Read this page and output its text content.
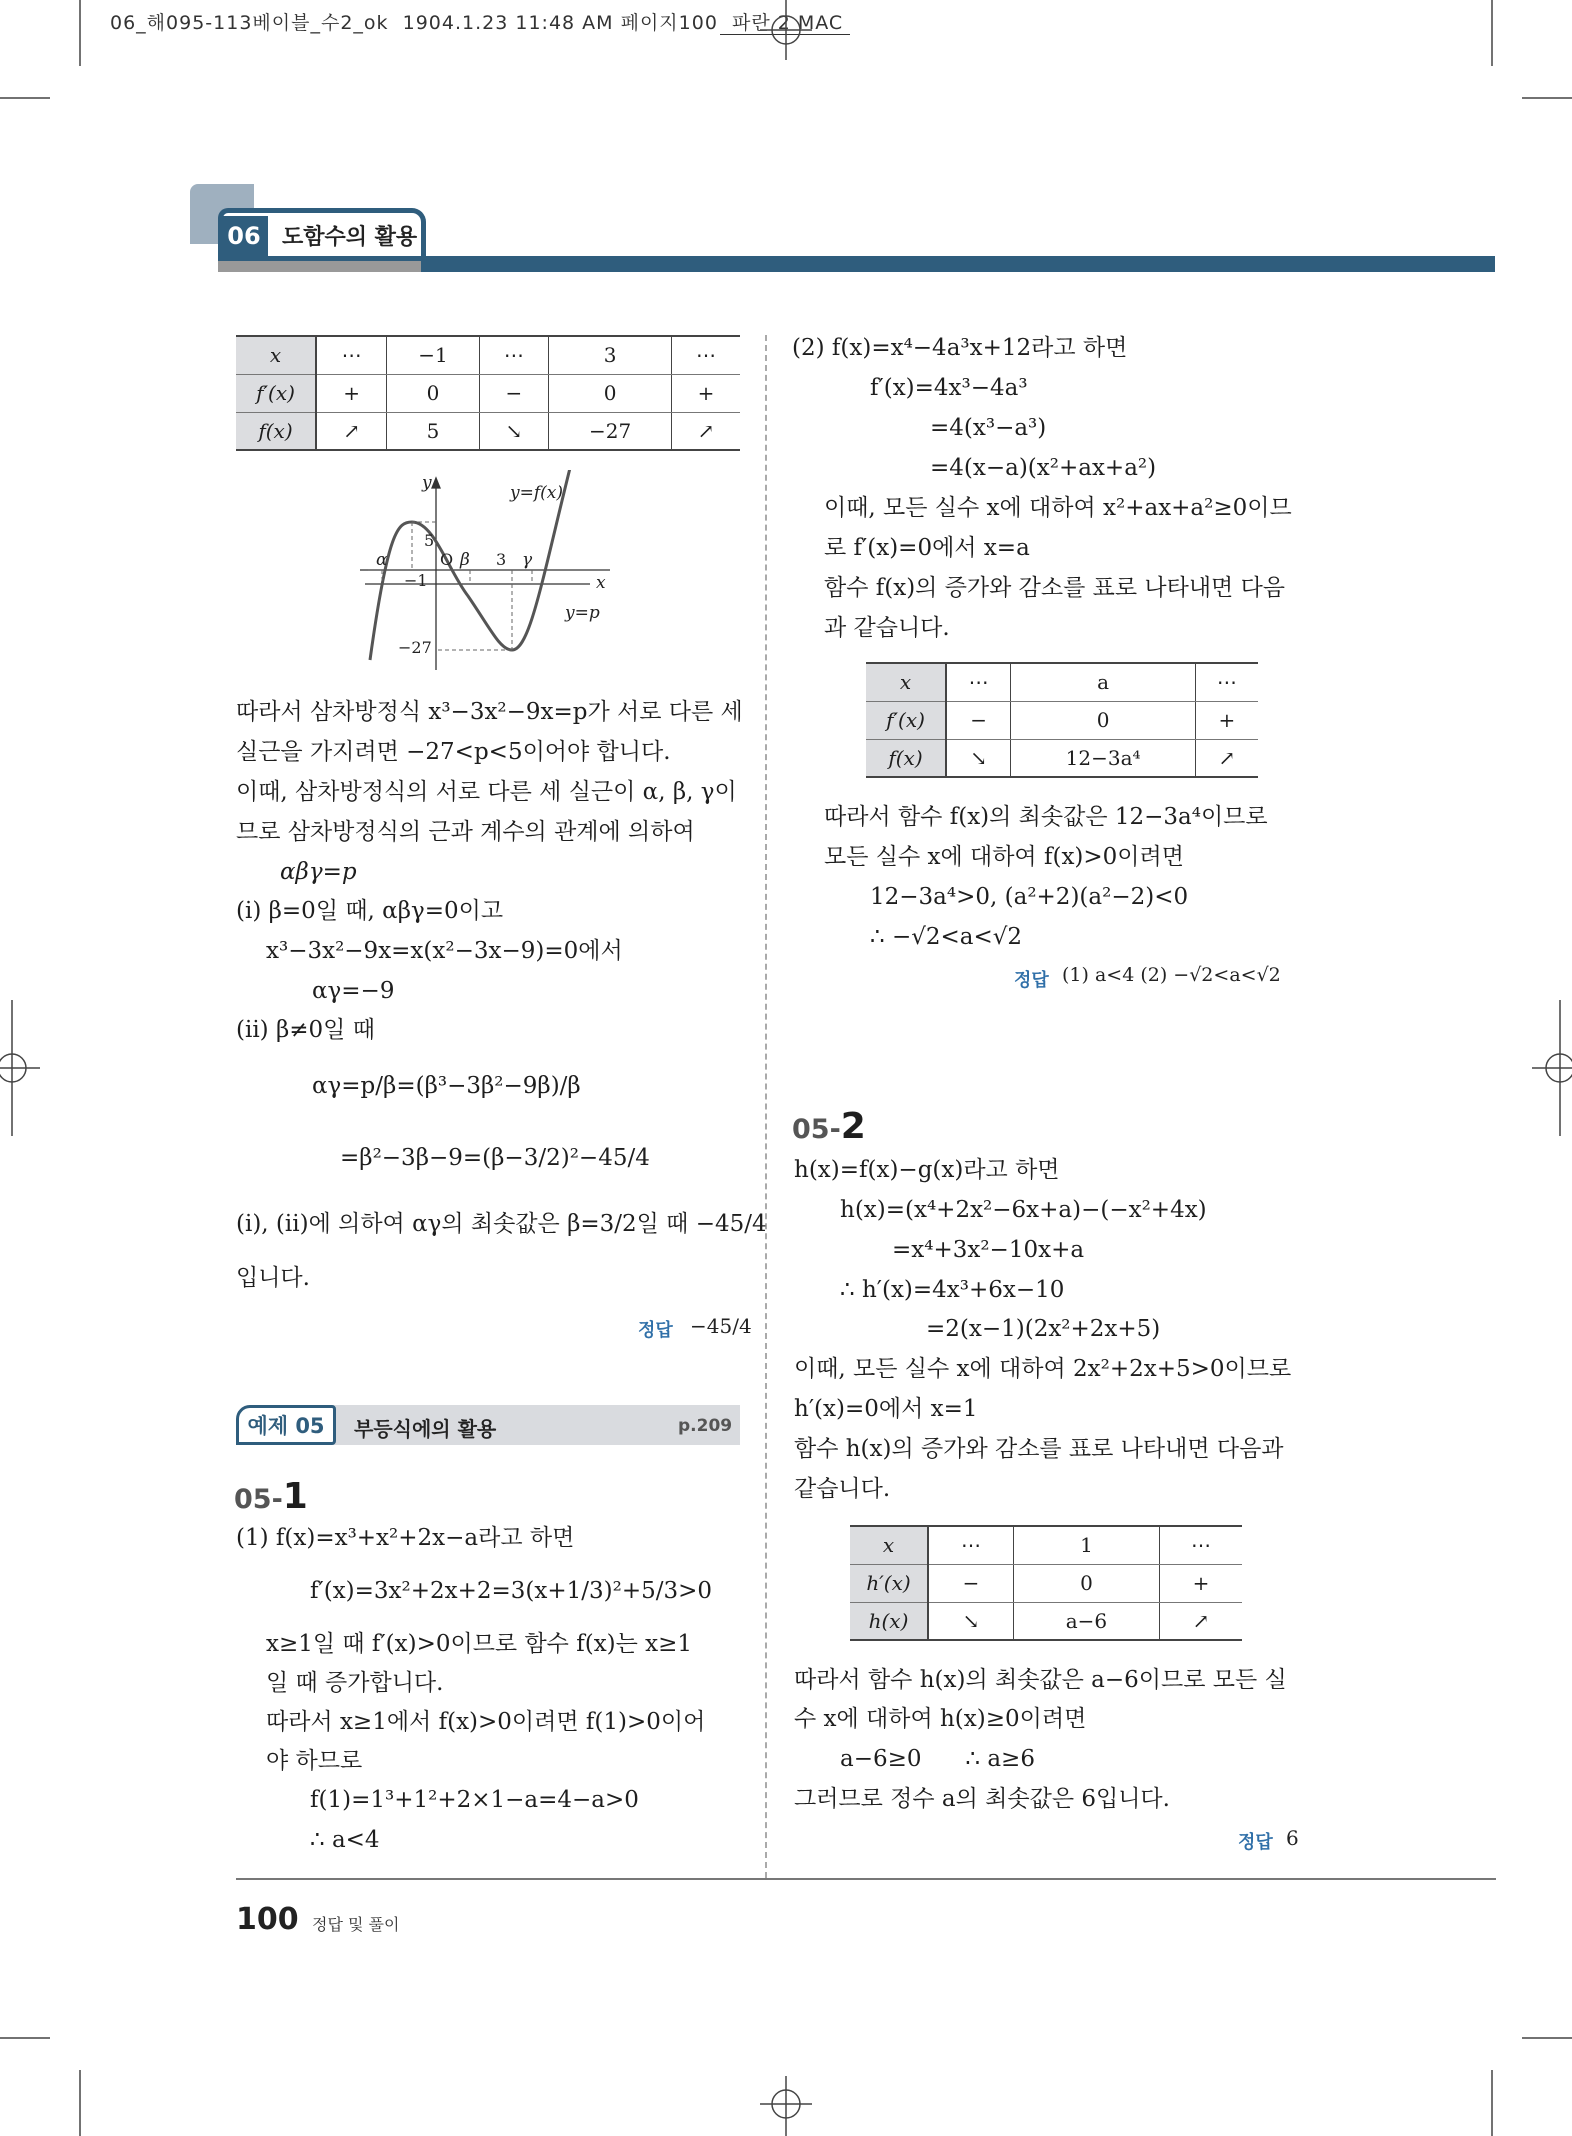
06_해095-113베이블_수2_ok  1904.1.23 11:48 AM 페이지100  파란 2 MAC
06 도함수의 활용
x	⋯	−1	⋯	3	⋯
f′(x)	+	0	−	0	+
f(x)	↗	5	↘	−27	↗
y
x
y=f(x)
y=p
α	β	γ
O
5
−1
3
−27
따라서 삼차방정식 x³−3x²−9x=p가 서로 다른 세
실근을 가지려면 −27<p<5이어야 합니다.
이때, 삼차방정식의 서로 다른 세 실근이 α, β, γ이
므로 삼차방정식의 근과 계수의 관계에 의하여
αβγ=p
(i) β=0일 때, αβγ=0이고
x³−3x²−9x=x(x²−3x−9)=0에서
αγ=−9
(ii) β≠0일 때
αγ=p/β=(β³−3β²−9β)/β
=β²−3β−9=(β−3/2)²−45/4
(i), (ii)에 의하여 αγ의 최솟값은 β=3/2일 때 −45/4
입니다.
정답 −45/4
예제 05	부등식에의 활용	p.209
05-1
(1) f(x)=x³+x²+2x−a라고 하면
f′(x)=3x²+2x+2=3(x+1/3)²+5/3>0
x≥1일 때 f′(x)>0이므로 함수 f(x)는 x≥1
일 때 증가합니다.
따라서 x≥1에서 f(x)>0이려면 f(1)>0이어
야 하므로
f(1)=1³+1²+2×1−a=4−a>0
∴ a<4
(2) f(x)=x⁴−4a³x+12라고 하면
f′(x)=4x³−4a³
=4(x³−a³)
=4(x−a)(x²+ax+a²)
이때, 모든 실수 x에 대하여 x²+ax+a²≥0이므
로 f′(x)=0에서 x=a
함수 f(x)의 증가와 감소를 표로 나타내면 다음
과 같습니다.
x	⋯	a	⋯
f′(x)	−	0	+
f(x)	↘	12−3a⁴	↗
따라서 함수 f(x)의 최솟값은 12−3a⁴이므로
모든 실수 x에 대하여 f(x)>0이려면
12−3a⁴>0, (a²+2)(a²−2)<0
∴ −√2<a<√2
정답 (1) a<4 (2) −√2<a<√2
05-2
h(x)=f(x)−g(x)라고 하면
h(x)=(x⁴+2x²−6x+a)−(−x²+4x)
=x⁴+3x²−10x+a
∴ h′(x)=4x³+6x−10
=2(x−1)(2x²+2x+5)
이때, 모든 실수 x에 대하여 2x²+2x+5>0이므로
h′(x)=0에서 x=1
함수 h(x)의 증가와 감소를 표로 나타내면 다음과
같습니다.
x	⋯	1	⋯
h′(x)	−	0	+
h(x)	↘	a−6	↗
따라서 함수 h(x)의 최솟값은 a−6이므로 모든 실
수 x에 대하여 h(x)≥0이려면
a−6≥0      ∴ a≥6
그러므로 정수 a의 최솟값은 6입니다.
정답 6
100 정답 및 풀이
